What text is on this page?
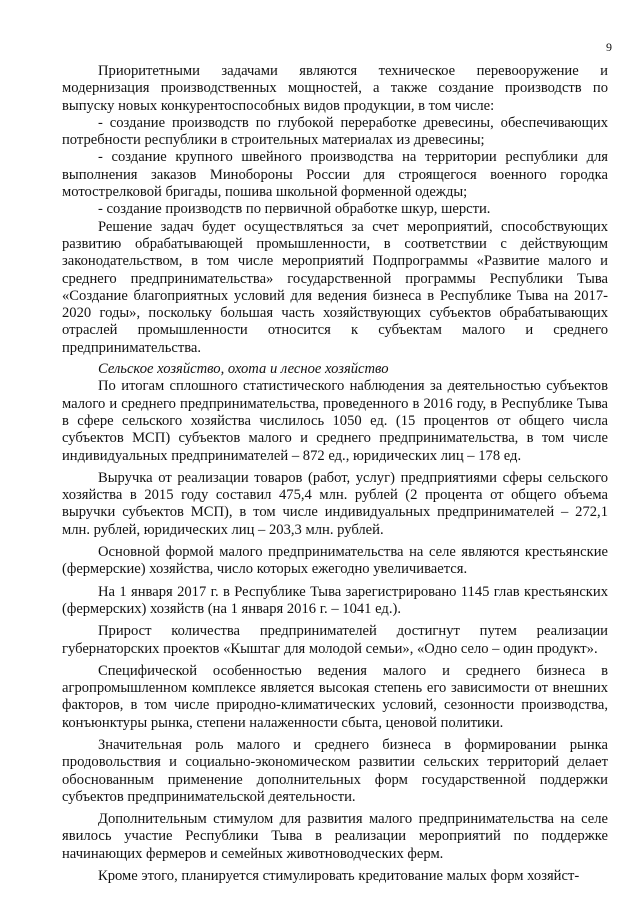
9

Приоритетными задачами являются техническое перевооружение и модернизация производственных мощностей, а также создание производств по выпуску новых конкурентоспособных видов продукции, в том числе:

- создание производств по глубокой переработке древесины, обеспечивающих потребности республики в строительных материалах из древесины;

- создание крупного швейного производства на территории республики для выполнения заказов Минобороны России для строящегося военного городка мотострелковой бригады, пошива школьной форменной одежды;

- создание производств по первичной обработке шкур, шерсти.

Решение задач будет осуществляться за счет мероприятий, способствующих развитию обрабатывающей промышленности, в соответствии с действующим законодательством, в том числе мероприятий Подпрограммы «Развитие малого и среднего предпринимательства» государственной программы Республики Тыва «Создание благоприятных условий для ведения бизнеса в Республике Тыва на 2017-2020 годы», поскольку большая часть хозяйствующих субъектов обрабатывающих отраслей промышленности относится к субъектам малого и среднего предпринимательства.

Сельское хозяйство, охота и лесное хозяйство

По итогам сплошного статистического наблюдения за деятельностью субъектов малого и среднего предпринимательства, проведенного в 2016 году, в Республике Тыва в сфере сельского хозяйства числилось 1050 ед. (15 процентов от общего числа субъектов МСП) субъектов малого и среднего предпринимательства, в том числе индивидуальных предпринимателей – 872 ед., юридических лиц – 178 ед.

Выручка от реализации товаров (работ, услуг) предприятиями сферы сельского хозяйства в 2015 году составил 475,4 млн. рублей (2 процента от общего объема выручки субъектов МСП), в том числе индивидуальных предпринимателей – 272,1 млн. рублей, юридических лиц – 203,3 млн. рублей.

Основной формой малого предпринимательства на селе являются крестьянские (фермерские) хозяйства, число которых ежегодно увеличивается.

На 1 января 2017 г. в Республике Тыва зарегистрировано 1145 глав крестьянских (фермерских) хозяйств (на 1 января 2016 г. – 1041 ед.).

Прирост количества предпринимателей достигнут путем реализации губернаторских проектов «Кыштаг для молодой семьи», «Одно село – один продукт».

Специфической особенностью ведения малого и среднего бизнеса в агропромышленном комплексе является высокая степень его зависимости от внешних факторов, в том числе природно-климатических условий, сезонности производства, конъюнктуры рынка, степени налаженности сбыта, ценовой политики.

Значительная роль малого и среднего бизнеса в формировании рынка продовольствия и социально-экономическом развитии сельских территорий делает обоснованным применение дополнительных форм государственной поддержки субъектов предпринимательской деятельности.

Дополнительным стимулом для развития малого предпринимательства на селе явилось участие Республики Тыва в реализации мероприятий по поддержке начинающих фермеров и семейных животноводческих ферм.

Кроме этого, планируется стимулировать кредитование малых форм хозяйст-
